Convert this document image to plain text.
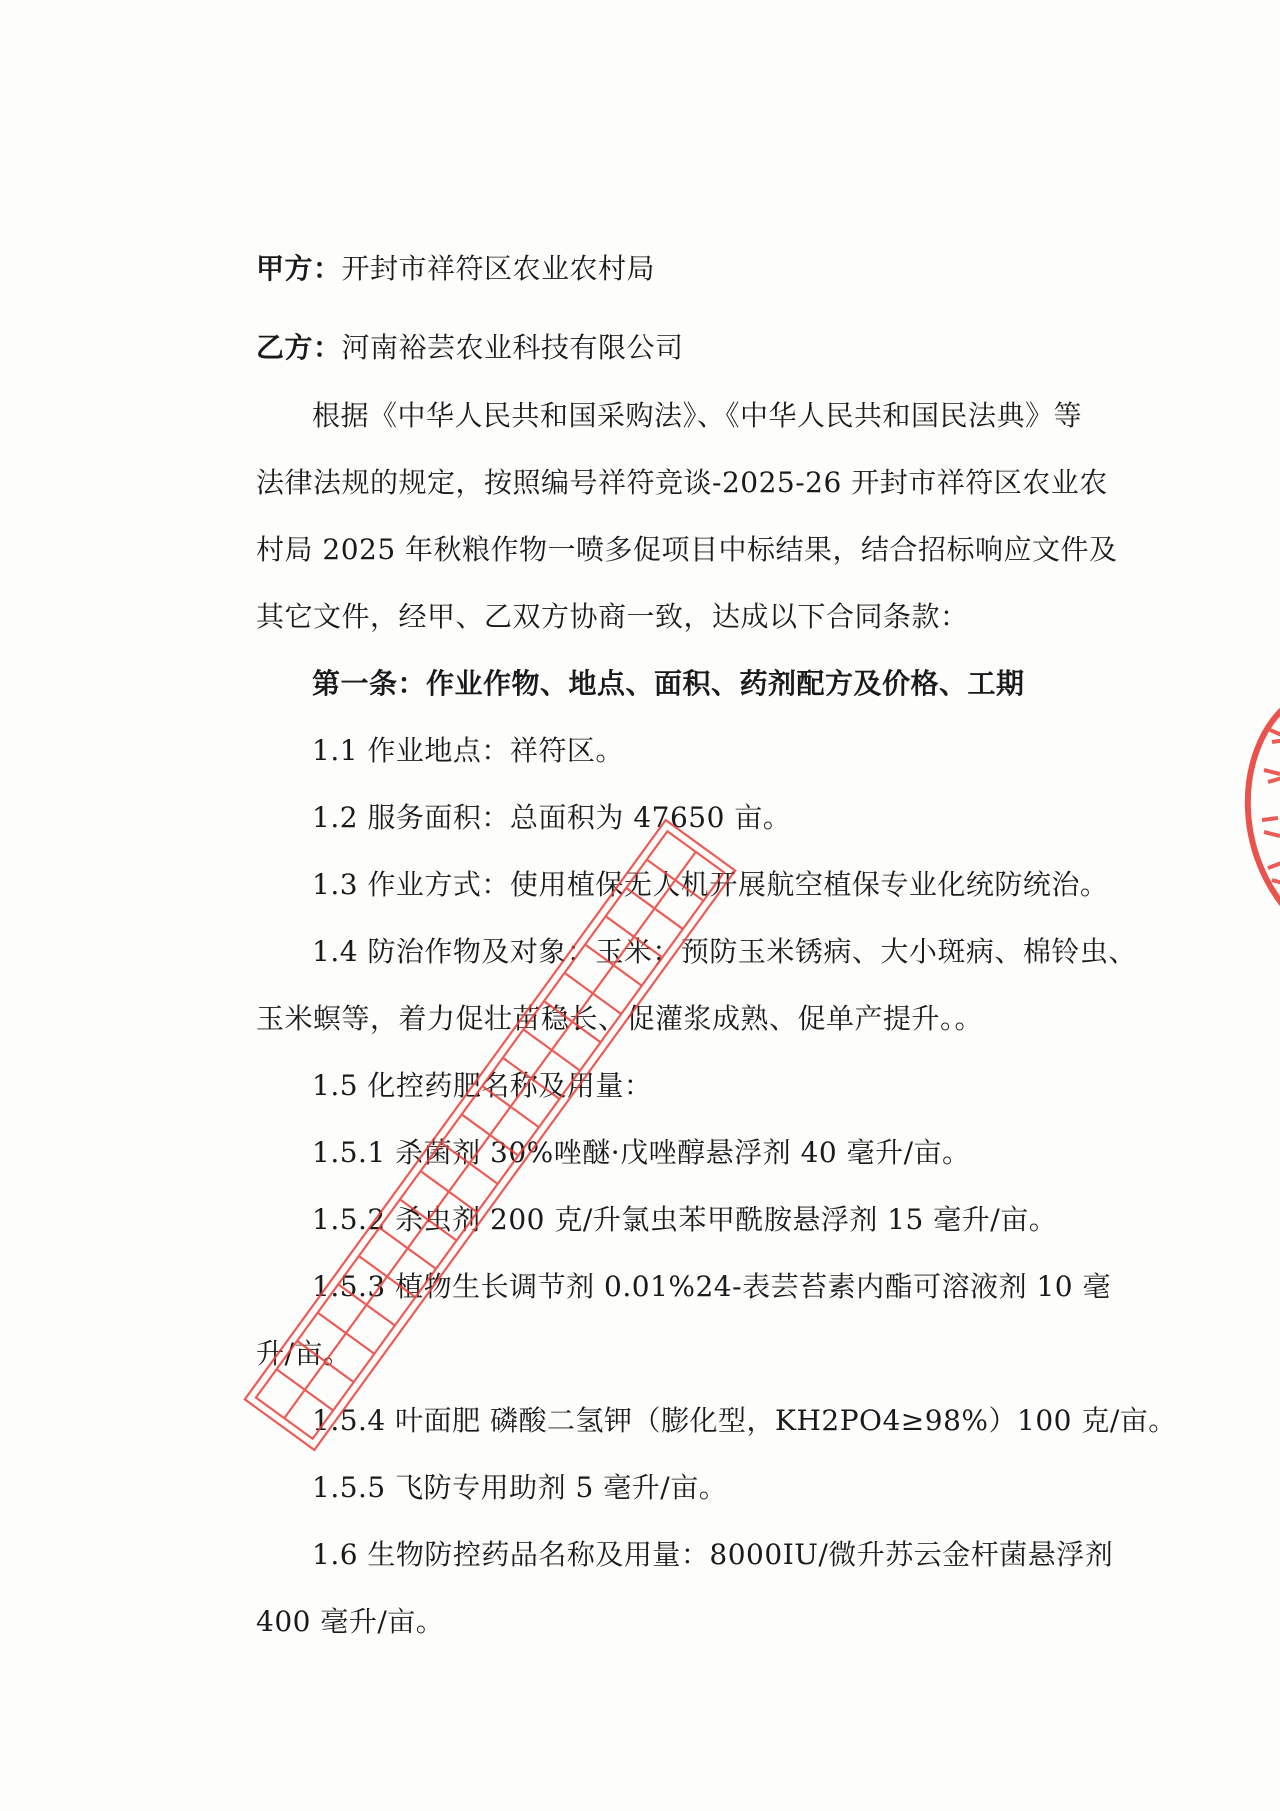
甲方：开封市祥符区农业农村局
乙方：河南裕芸农业科技有限公司
根据《中华人民共和国采购法》、《中华人民共和国民法典》等
法律法规的规定，按照编号祥符竞谈-2025-26 开封市祥符区农业农
村局 2025 年秋粮作物一喷多促项目中标结果，结合招标响应文件及
其它文件，经甲、乙双方协商一致，达成以下合同条款：
第一条：作业作物、地点、面积、药剂配方及价格、工期
1.1 作业地点：祥符区。
1.2 服务面积：总面积为 47650 亩。
1.3 作业方式：使用植保无人机开展航空植保专业化统防统治。
1.4 防治作物及对象：玉米；预防玉米锈病、大小斑病、棉铃虫、
玉米螟等，着力促壮苗稳长、促灌浆成熟、促单产提升。。
1.5 化控药肥名称及用量：
1.5.1 杀菌剂 30%唑醚·戊唑醇悬浮剂 40 毫升/亩。
1.5.2 杀虫剂 200 克/升氯虫苯甲酰胺悬浮剂 15 毫升/亩。
1.5.3 植物生长调节剂 0.01%24-表芸苔素内酯可溶液剂 10 毫
升/亩。
1.5.4 叶面肥 磷酸二氢钾（膨化型，KH2PO4≥98%）100 克/亩。
1.5.5 飞防专用助剂 5 毫升/亩。
1.6 生物防控药品名称及用量：8000IU/微升苏云金杆菌悬浮剂
400 毫升/亩。
